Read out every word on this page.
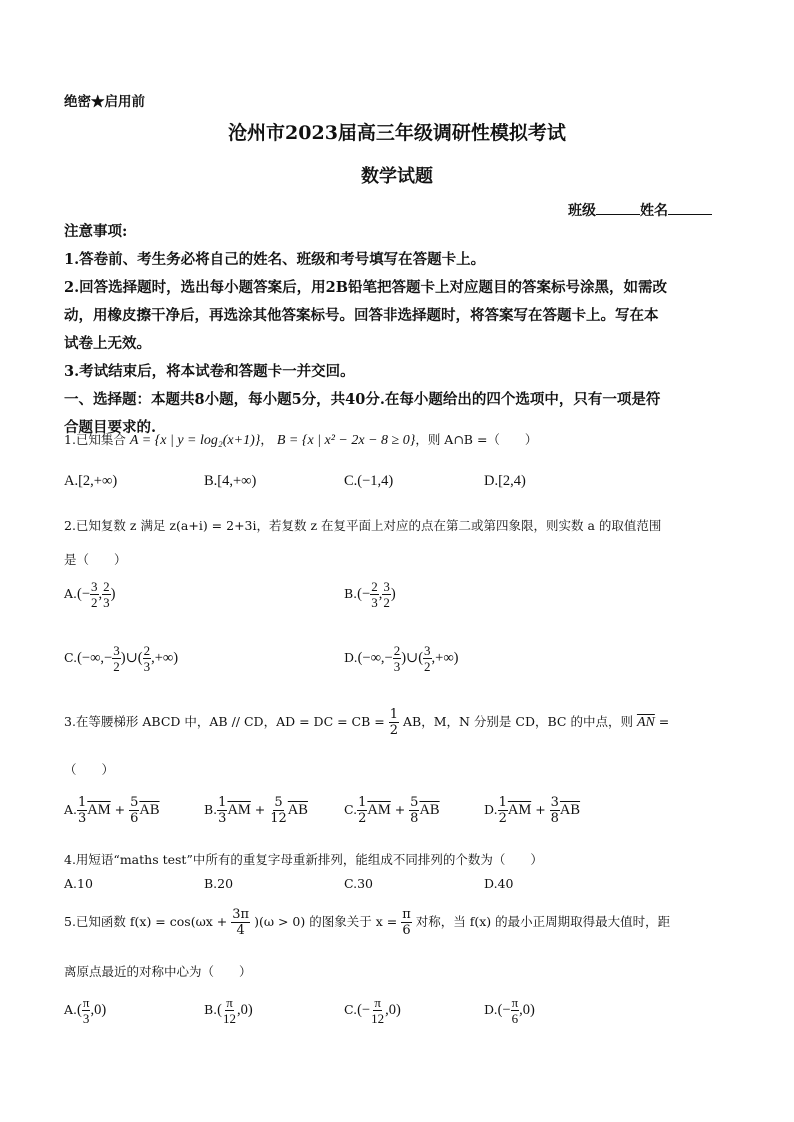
绝密★启用前
沧州市2023届高三年级调研性模拟考试
数学试题
班级	姓名
注意事项:
1.答卷前、考生务必将自己的姓名、班级和考号填写在答题卡上。
2.回答选择题时，选出每小题答案后，用2B铅笔把答题卡上对应题目的答案标号涂黑，如需改
动，用橡皮擦干净后，再选涂其他答案标号。回答非选择题时，将答案写在答题卡上。写在本
试卷上无效。
3.考试结束后，将本试卷和答题卡一并交回。
一、选择题：本题共8小题，每小题5分，共40分.在每小题给出的四个选项中，只有一项是符
合题目要求的.
1.已知集合 A = {x | y = log₂(x+1)}， B = {x | x² − 2x − 8 ≥ 0}，则 A∩B =（　　）
A.[2,+∞)	B.[4,+∞)	C.(−1,4)	D.[2,4)
2.已知复数 z 满足 z(a+i) = 2+3i，若复数 z 在复平面上对应的点在第二或第四象限，则实数 a 的取值范围
是（　　）
$A.(- \frac{3}{2}$ , $\frac{2}{3}$ )	$B.(- \frac{2}{3}$ , $\frac{3}{2}$ )
$C.(-\infty,- \frac{3}{2}$ )∪( $\frac{2}{3}$ ,+∞)	$D.(-\infty,- \frac{2}{3}$ )∪( $\frac{3}{2}$ ,+∞)
3.在等腰梯形 ABCD 中，AB // CD，AD = DC = CB = $\frac{1}{2}$ AB，M，N 分别是 CD，BC 的中点，则 $\overline{AN}$ =
（　　）
A. $\frac{1}{3} \overline{AM} + \frac{5}{6} \overline{AB}$	B. $\frac{1}{3} \overline{AM} + \frac{5}{12} \overline{AB}$	C. $\frac{1}{2} \overline{AM} + \frac{5}{8} \overline{AB}$	D. $\frac{1}{2} \overline{AM} + \frac{3}{8} \overline{AB}$
4.用短语“maths test”中所有的重复字母重新排列，能组成不同排列的个数为（　　）
A.10	B.20	C.30	D.40
5.已知函数 $f(x) = \cos(\omega x + \frac{3\pi}{4} )(\omega > 0)$ 的图象关于 $x = \frac{\pi}{6}$ 对称，当 f(x) 的最小正周期取得最大值时，距
离原点最近的对称中心为（　　）
$A.( \frac{\pi}{3} ,0)$	$B.( \frac{\pi}{12} ,0)$	$C.(- \frac{\pi}{12} ,0)$	$D.(- \frac{\pi}{6} ,0)$
